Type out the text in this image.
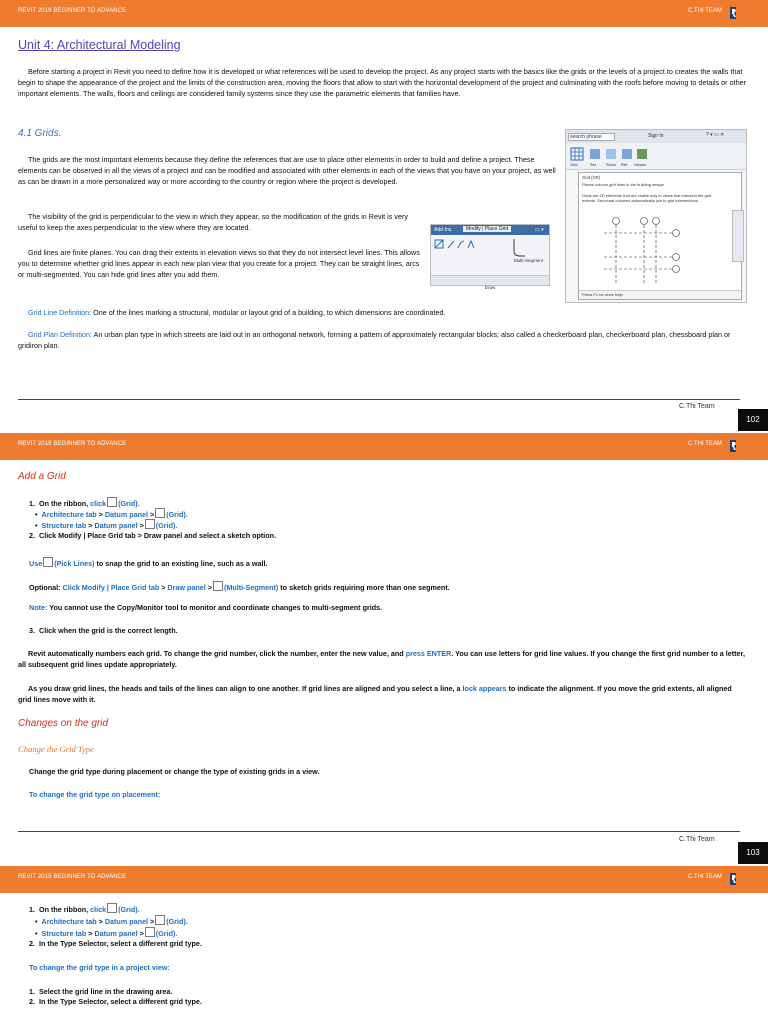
REVIT 2019 BEGINNER TO ADVANCE	C.THI TEAM
Unit 4: Architectural Modeling

Before starting a project in Revit you need to define how it is developed or what references will be used to develop the project. As any project starts with the basics like the grids or the levels of a project to creates the walls that begin to shape the appearance of the project and the limits of the construction area, moving the floors that allow to start with the horizontal development of the project and culminating with the roofs before moving to details or other important elements. The walls, floors and ceilings are considered family systems since they use the parametric elements that families have.

4.1 Grids.

The grids are the most important elements because they define the references that are use to place other elements in order to build and define a project. These elements can be observed in all the views of a project and can be modified and associated with other elements in each of the views that you have on your project, as well as can be drawn in a more personalized way or more according to the country or region where the project is developed.

The visibility of the grid is perpendicular to the view in which they appear, so the modification of the grids in Revit is very useful to keep the axes perpendicular to the view where they are located.

Grid lines are finite planes. You can drag their extents in elevation views so that they do not intersect level lines. This allows you to determine whether grid lines appear in each new plan view that you create for a project. They can be straight lines, arcs or multi-segmented. You can hide grid lines after you add them.

Grid Line Definition: One of the lines marking a structural, modular or layout grid of a building, to which dimensions are coordinated.

Grid Plan Definition: An urban plan type in which streets are laid out in an orthogonal network, forming a pattern of approximately rectangular blocks; also called a checkerboard plan, checkerboard plan, chessboard plan or gridiron plan.

search phrase	Sign In	? ▾ ▭ ✕
Grid	Set Show Ref Viewer
Grid (GR)
Places column grid lines in the building design.
Grids are 2D elements that are visible only in views that intersect the grid extents. Structural columns automatically join to grid intersections.
Press F1 for more help
Add-Ins	Modify | Place Grid	▭ ▾
Multi-Segment
Draw
C.Thi Team
102
REVIT 2019 BEGINNER TO ADVANCE	C.THI TEAM
Add a Grid
1. On the ribbon, click (Grid).
•  Architecture tab > Datum panel > (Grid).
•  Structure tab > Datum panel > (Grid).
2. Click Modify | Place Grid tab > Draw panel and select a sketch option.
Use (Pick Lines) to snap the grid to an existing line, such as a wall.
Optional: Click Modify | Place Grid tab > Draw panel > (Multi-Segment) to sketch grids requiring more than one segment.
Note: You cannot use the Copy/Monitor tool to monitor and coordinate changes to multi-segment grids.
3. Click when the grid is the correct length.

Revit automatically numbers each grid. To change the grid number, click the number, enter the new value, and press ENTER. You can use letters for grid line values. If you change the first grid number to a letter, all subsequent grid lines update appropriately.

As you draw grid lines, the heads and tails of the lines can align to one another. If grid lines are aligned and you select a line, a lock appears to indicate the alignment. If you move the grid extents, all aligned grid lines move with it.

Changes on the grid
Change the Grid Type
Change the grid type during placement or change the type of existing grids in a view.
To change the grid type on placement:
C.Thi Team
103
REVIT 2019 BEGINNER TO ADVANCE	C.THI TEAM
1.  On the ribbon, click (Grid).
•  Architecture tab > Datum panel > (Grid).
•  Structure tab > Datum panel > (Grid).
2.  In the Type Selector, select a different grid type.
To change the grid type in a project view:
1.  Select the grid line in the drawing area.
2.  In the Type Selector, select a different grid type.
